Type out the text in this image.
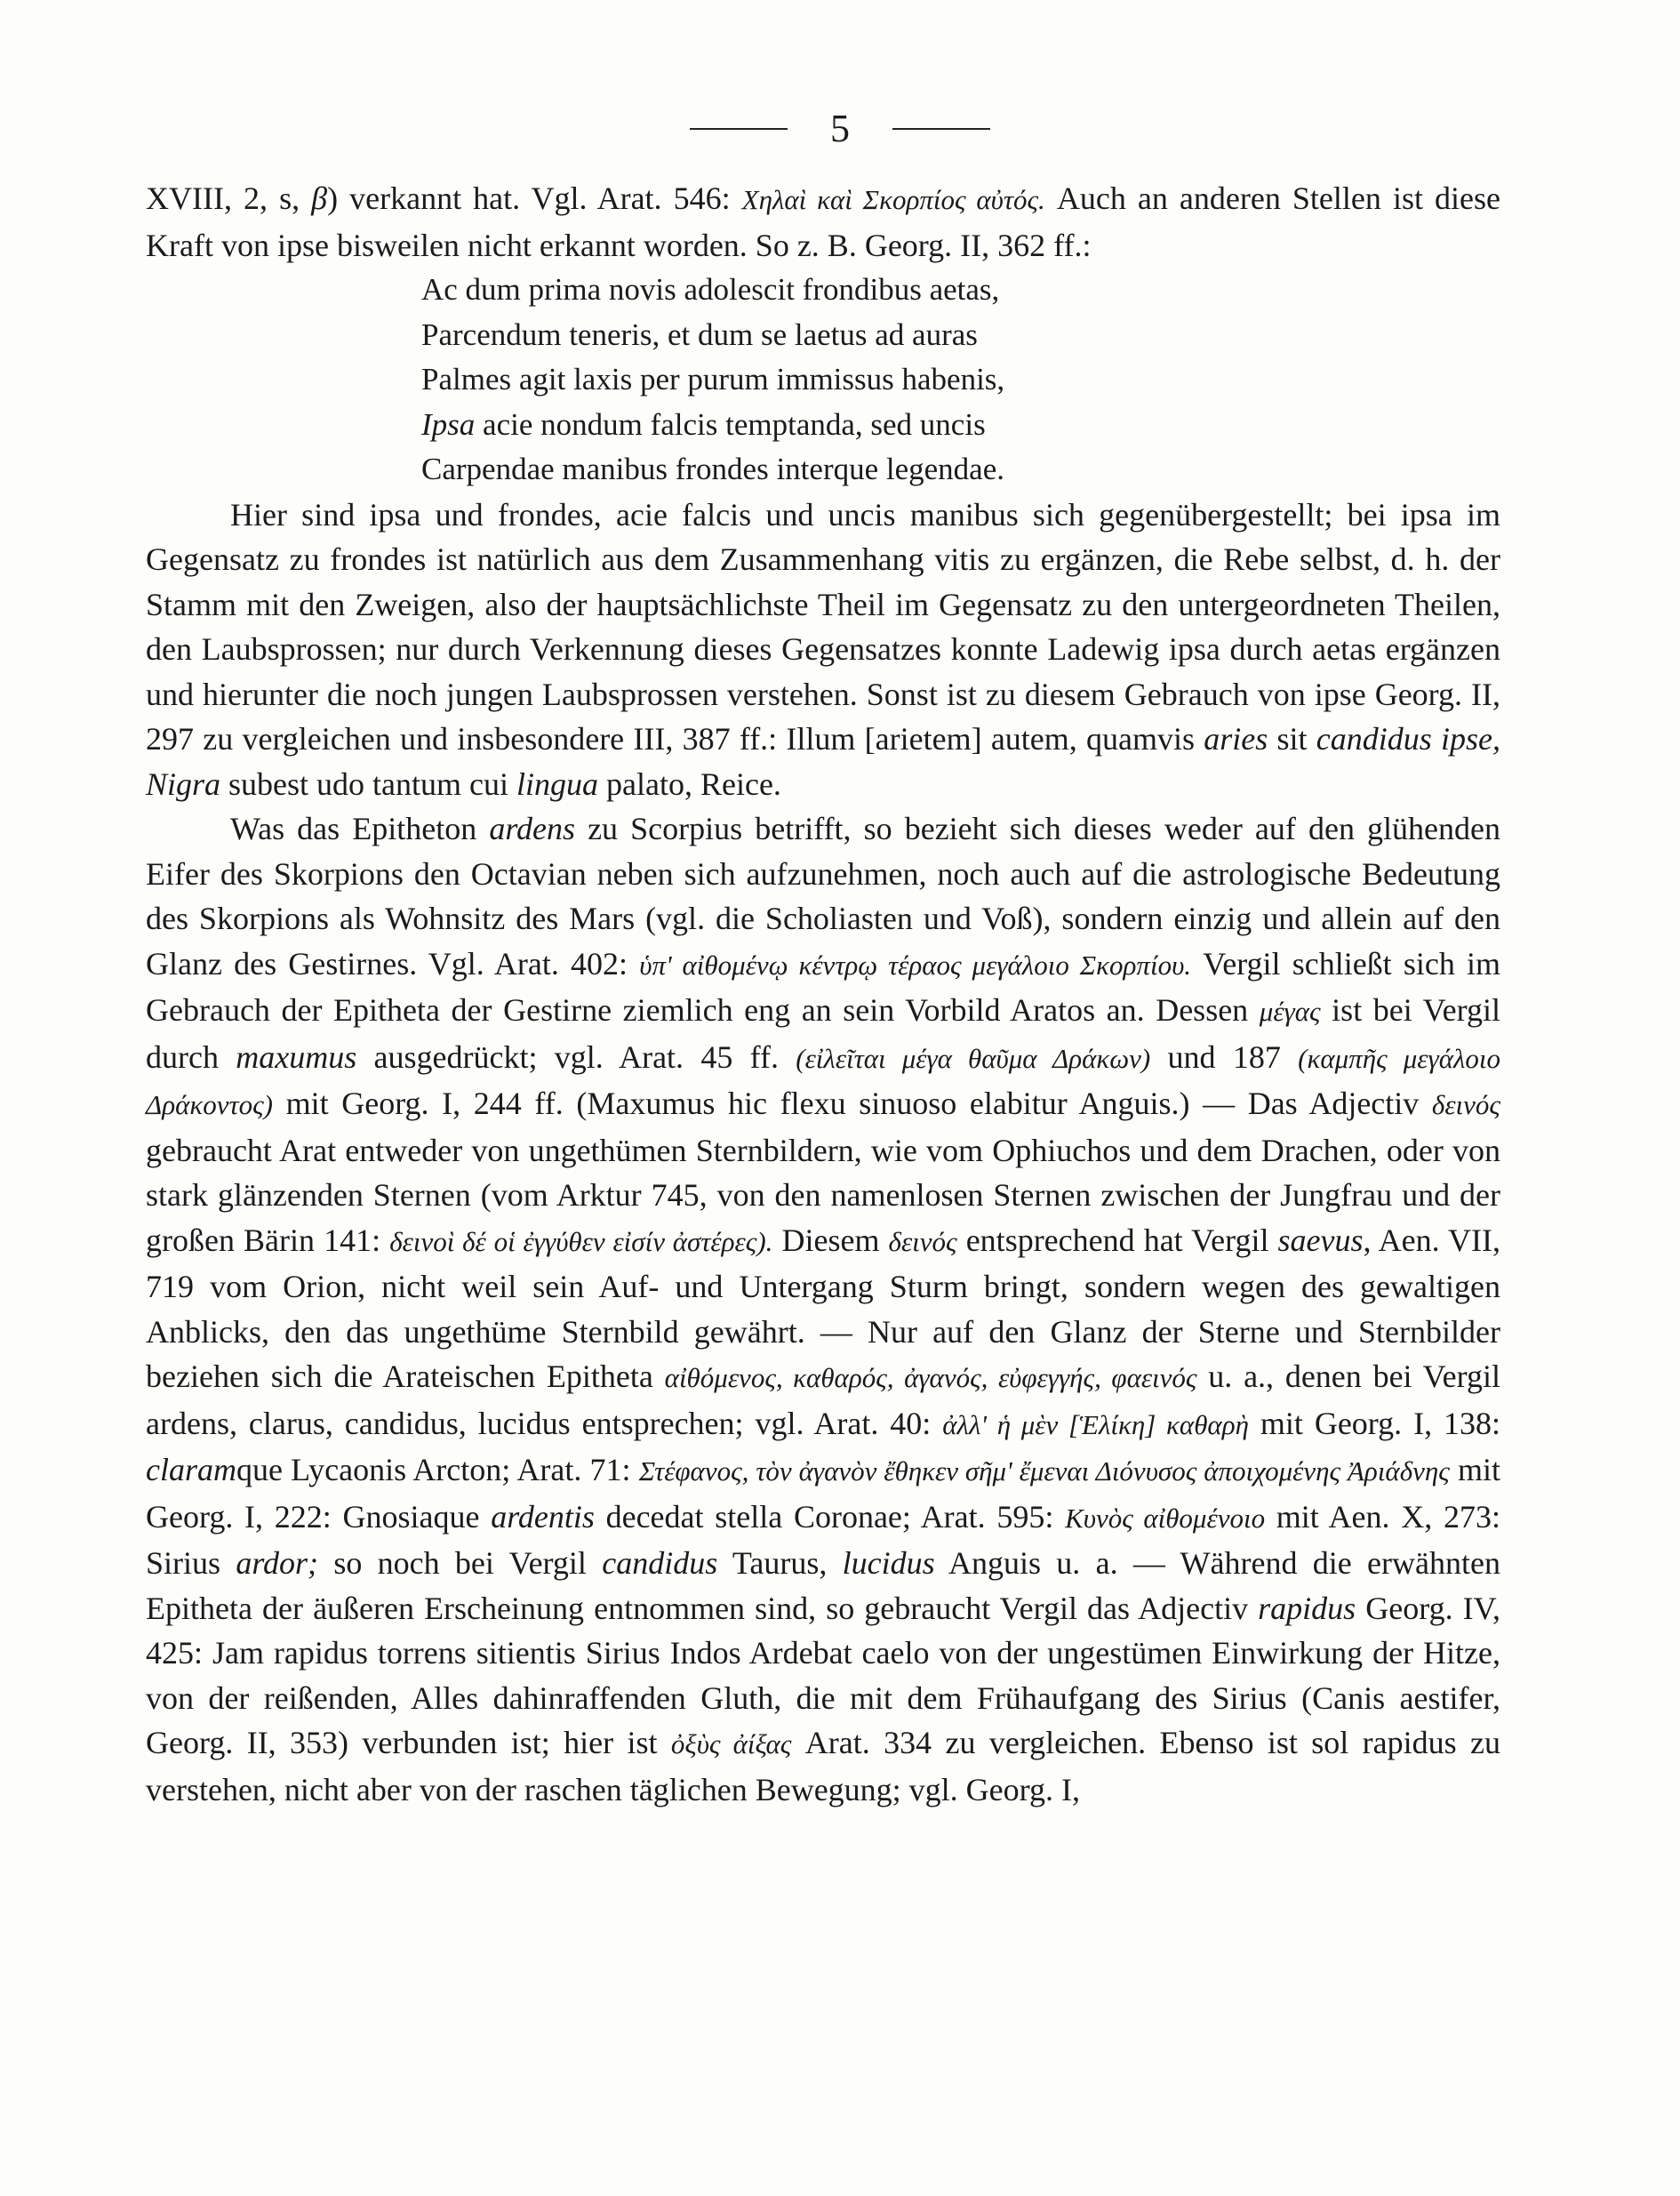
5

XVIII, 2, s, β) verkannt hat. Vgl. Arat. 546: Χηλαὶ καὶ Σκορπίος αὐτός. Auch an anderen Stellen ist diese Kraft von ipse bisweilen nicht erkannt worden. So z. B. Georg. II, 362 ff.:

Ac dum prima novis adolescit frondibus aetas,
Parcendum teneris, et dum se laetus ad auras
Palmes agit laxis per purum immissus habenis,
Ipsa acie nondum falcis temptanda, sed uncis
Carpendae manibus frondes interque legendae.

Hier sind ipsa und frondes, acie falcis und uncis manibus sich gegenübergestellt; bei ipsa im Gegensatz zu frondes ist natürlich aus dem Zusammenhang vitis zu ergänzen, die Rebe selbst, d. h. der Stamm mit den Zweigen, also der hauptsächlichste Theil im Gegensatz zu den untergeordneten Theilen, den Laubsprossen; nur durch Verkennung dieses Gegensatzes konnte Ladewig ipsa durch aetas ergänzen und hierunter die noch jungen Laubsprossen verstehen. Sonst ist zu diesem Gebrauch von ipse Georg. II, 297 zu vergleichen und insbesondere III, 387 ff.: Illum [arietem] autem, quamvis aries sit candidus ipse, Nigra subest udo tantum cui lingua palato, Reice.

Was das Epitheton ardens zu Scorpius betrifft, so bezieht sich dieses weder auf den glühenden Eifer des Skorpions den Octavian neben sich aufzunehmen, noch auch auf die astrologische Bedeutung des Skorpions als Wohnsitz des Mars (vgl. die Scholiasten und Voß), sondern einzig und allein auf den Glanz des Gestirnes. Vgl. Arat. 402: ὑπ' αἰθομένῳ κέντρῳ τέραος μεγάλοιο Σκορπίου. Vergil schließt sich im Gebrauch der Epitheta der Gestirne ziemlich eng an sein Vorbild Aratos an. Dessen μέγας ist bei Vergil durch maxumus ausgedrückt; vgl. Arat. 45 ff. (εἰλεῖται μέγα θαῦμα Δράκων) und 187 (καμπῆς μεγάλοιο Δράκοντος) mit Georg. I, 244 ff. (Maxumus hic flexu sinuoso elabitur Anguis.) — Das Adjectiv δεινός gebraucht Arat entweder von ungethümen Sternbildern, wie vom Ophiuchos und dem Drachen, oder von stark glänzenden Sternen (vom Arktur 745, von den namenlosen Sternen zwischen der Jungfrau und der großen Bärin 141: δεινοὶ δέ οἱ ἐγγύθεν εἰσίν ἀστέρες). Diesem δεινός entsprechend hat Vergil saevus, Aen. VII, 719 vom Orion, nicht weil sein Auf- und Untergang Sturm bringt, sondern wegen des gewaltigen Anblicks, den das ungethüme Sternbild gewährt. — Nur auf den Glanz der Sterne und Sternbilder beziehen sich die Arateischen Epitheta αἰθόμενος, καθαρός, ἀγανός, εὐφεγγής, φαεινός u. a., denen bei Vergil ardens, clarus, candidus, lucidus entsprechen; vgl. Arat. 40: ἀλλ' ἡ μὲν [Ἑλίκη] καθαρὴ mit Georg. I, 138: claramque Lycaonis Arcton; Arat. 71: Στέφανος, τὸν ἀγανὸν ἔθηκεν σῆμ' ἔμεναι Διόνυσος ἀποιχομένης Ἀριάδνης mit Georg. I, 222: Gnosiaque ardentis decedat stella Coronae; Arat. 595: Κυνὸς αἰθομένοιο mit Aen. X, 273: Sirius ardor; so noch bei Vergil candidus Taurus, lucidus Anguis u. a. — Während die erwähnten Epitheta der äußeren Erscheinung entnommen sind, so gebraucht Vergil das Adjectiv rapidus Georg. IV, 425: Jam rapidus torrens sitientis Sirius Indos Ardebat caelo von der ungestümen Einwirkung der Hitze, von der reißenden, Alles dahinraffenden Gluth, die mit dem Frühaufgang des Sirius (Canis aestifer, Georg. II, 353) verbunden ist; hier ist ὀξὺς ἀίξας Arat. 334 zu vergleichen. Ebenso ist sol rapidus zu verstehen, nicht aber von der raschen täglichen Bewegung; vgl. Georg. I,
